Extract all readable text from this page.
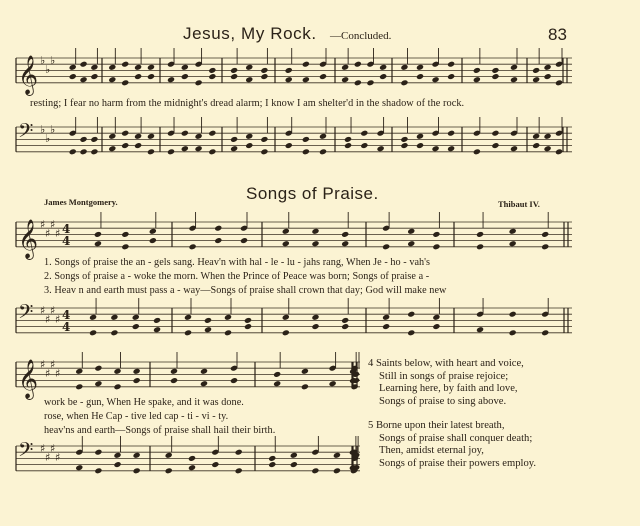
Jesus, My Rock. —Concluded.	83
𝄞 ♭
♭
♭
𝄢 ♭
♭
♭
𝄞 ♯
♯
♯
♯ 4
4
𝄢 ♯
♯
♯
♯ 4
4
𝄞 ♯
♯
♯
♯
𝄢 ♯
♯
♯
♯
resting; I fear no harm from the midnight's dread alarm; I know I am shelter'd in the shadow of the rock.
Songs of Praise.
James Montgomery.	Thibaut IV.
1. Songs of praise the an - gels sang. Heav'n with hal - le - lu - jahs rang, When Je - ho - vah's
2. Songs of praise a - woke the morn. When the Prince of Peace was born; Songs of praise a -
3. Heav n and earth must pass a - way—Songs of praise shall crown that day; God will make new
work be - gun, When He spake, and it was done.
rose, when He Cap - tive led cap - ti - vi - ty.
heav'ns and earth—Songs of praise shall hail their birth.
4 Saints below, with heart and voice,
Still in songs of praise rejoice;
Learning here, by faith and love,
Songs of praise to sing above.
5 Borne upon their latest breath,
Songs of praise shall conquer death;
Then, amidst eternal joy,
Songs of praise their powers employ.
